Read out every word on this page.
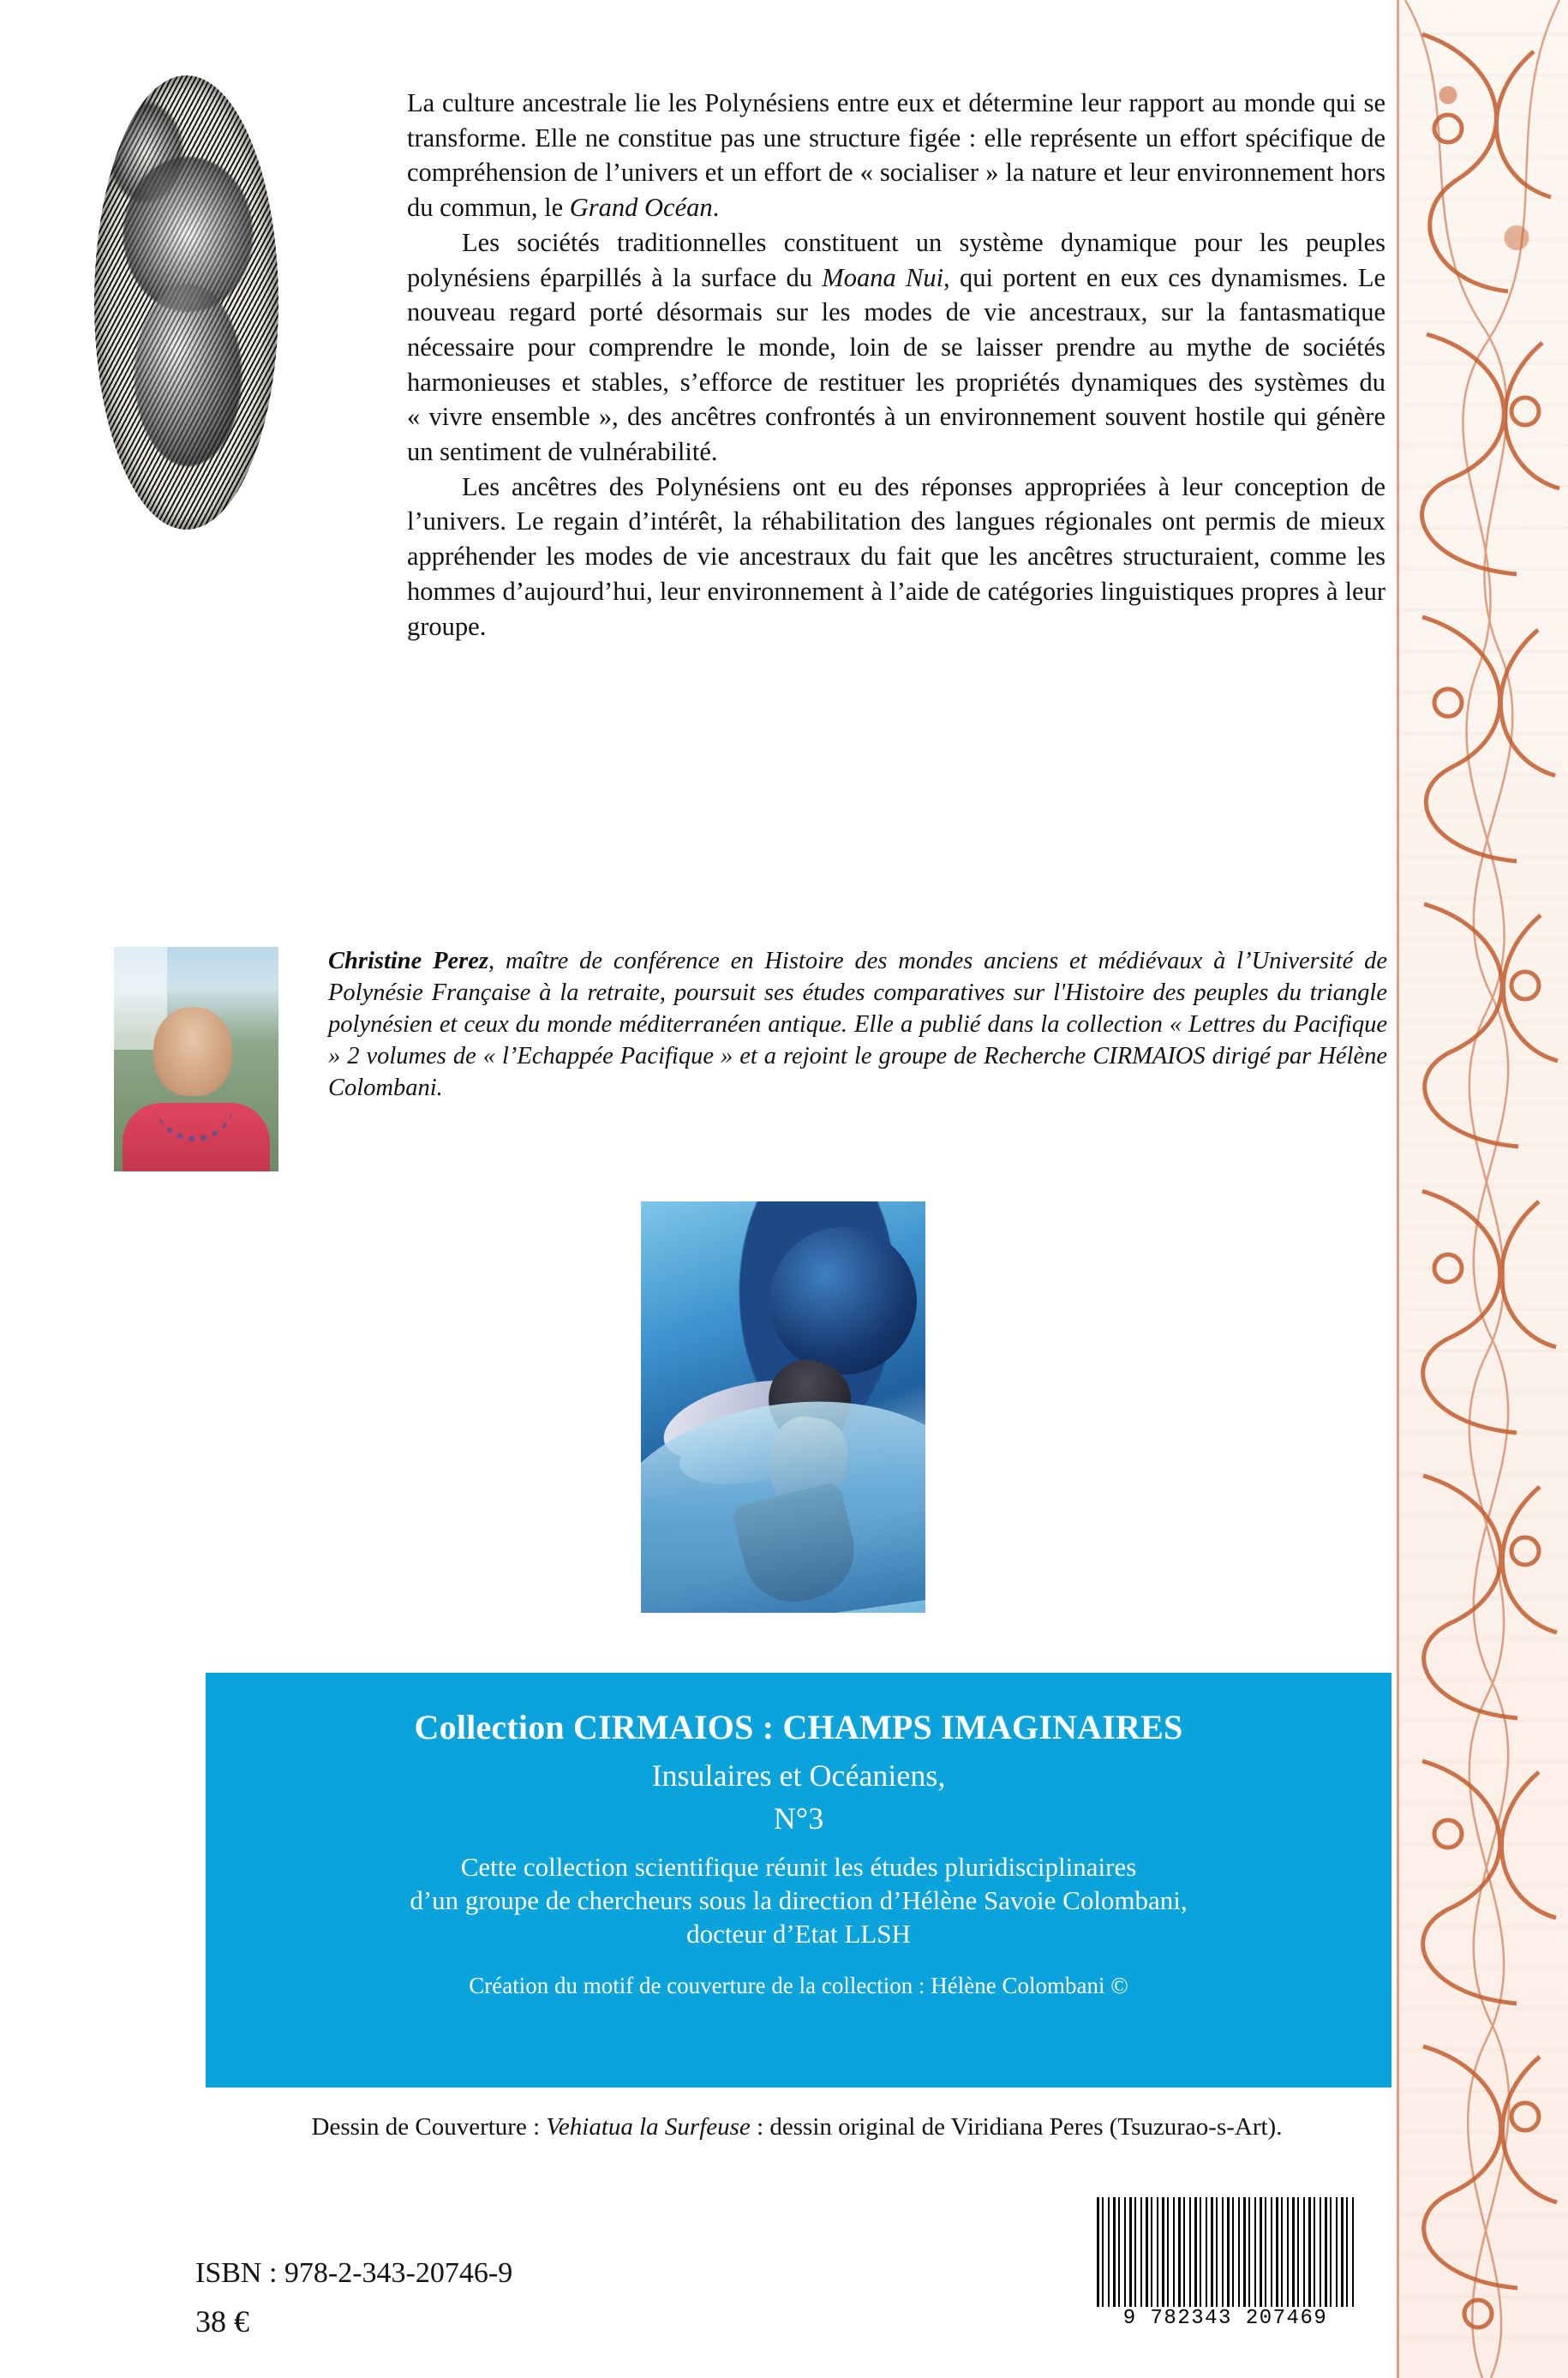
La culture ancestrale lie les Polynésiens entre eux et détermine leur rapport au monde qui se transforme. Elle ne constitue pas une structure figée : elle représente un effort spécifique de compréhension de l’univers et un effort de « socialiser » la nature et leur environnement hors du commun, le Grand Océan.

Les sociétés traditionnelles constituent un système dynamique pour les peuples polynésiens éparpillés à la surface du Moana Nui, qui portent en eux ces dynamismes. Le nouveau regard porté désormais sur les modes de vie ancestraux, sur la fantasmatique nécessaire pour comprendre le monde, loin de se laisser prendre au mythe de sociétés harmonieuses et stables, s’efforce de restituer les propriétés dynamiques des systèmes du « vivre ensemble », des ancêtres confrontés à un environnement souvent hostile qui génère un sentiment de vulnérabilité.

Les ancêtres des Polynésiens ont eu des réponses appropriées à leur conception de l’univers. Le regain d’intérêt, la réhabilitation des langues régionales ont permis de mieux appréhender les modes de vie ancestraux du fait que les ancêtres structuraient, comme les hommes d’aujourd’hui, leur environnement à l’aide de catégories linguistiques propres à leur groupe.

Christine Perez, maître de conférence en Histoire des mondes anciens et médiévaux à l’Université de Polynésie Française à la retraite, poursuit ses études comparatives sur l'Histoire des peuples du triangle polynésien et ceux du monde méditerranéen antique. Elle a publié dans la collection « Lettres du Pacifique » 2 volumes de « l’Echappée Pacifique » et a rejoint le groupe de Recherche CIRMAIOS dirigé par Hélène Colombani.
Collection CIRMAIOS : CHAMPS IMAGINAIRES
Insulaires et Océaniens,
N°3
Cette collection scientifique réunit les études pluridisciplinaires
d’un groupe de chercheurs sous la direction d’Hélène Savoie Colombani,
docteur d’Etat LLSH
Création du motif de couverture de la collection : Hélène Colombani ©
Dessin de Couverture : Vehiatua la Surfeuse : dessin original de Viridiana Peres (Tsuzurao-s-Art).
ISBN : 978-2-343-20746-9
38 €	9 782343 207469
